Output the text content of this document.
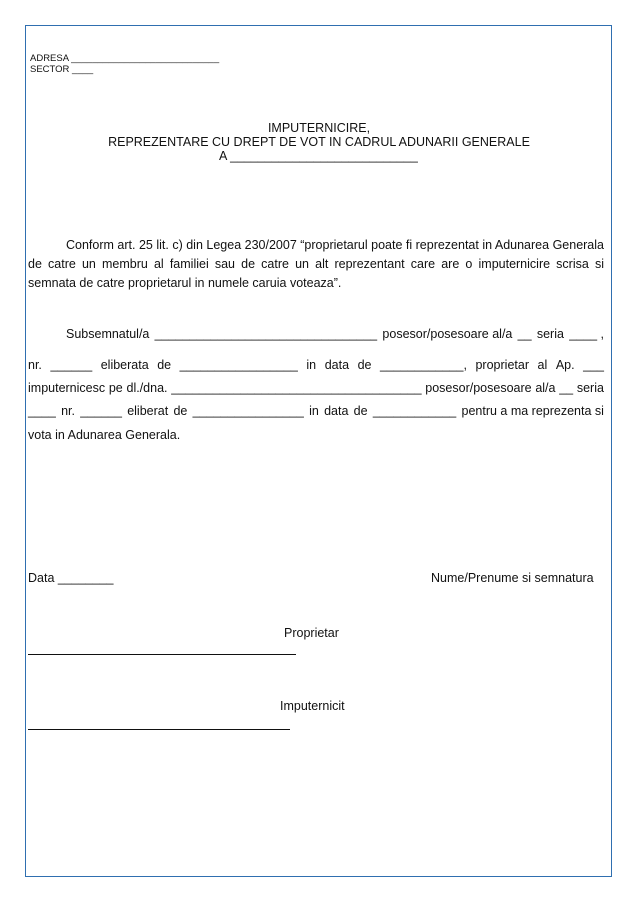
ADRESA ____________________________
SECTOR ____
IMPUTERNICIRE,
REPREZENTARE CU DREPT DE VOT IN CADRUL ADUNARII GENERALE
A ___________________________
Conform art. 25 lit. c) din Legea 230/2007 “proprietarul poate fi reprezentat in Adunarea Generala de catre un membru al familiei sau de catre un alt reprezentant care are o imputernicire scrisa si semnata de catre proprietarul in numele caruia voteaza”.
Subsemnatul/a ________________________________ posesor/posesoare al/a __ seria ____ ,
nr. ______ eliberata de _________________ in data de ____________, proprietar al Ap. ___
imputernicesc pe dl./dna. ____________________________________ posesor/posesoare al/a __ seria
____ nr. ______ eliberat de ________________ in data de ____________ pentru a ma reprezenta si
vota in Adunarea Generala.
Data ________	Nume/Prenume si semnatura
Proprietar
Imputernicit
